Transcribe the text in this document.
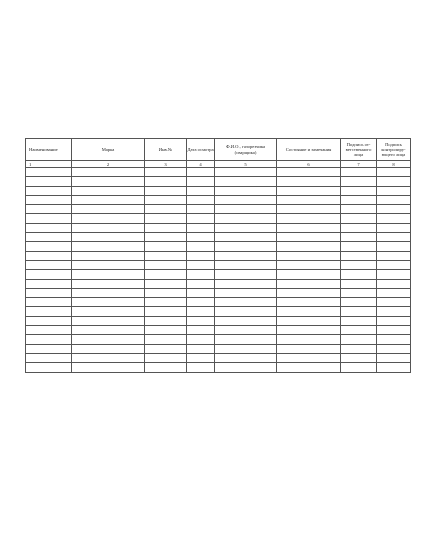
Наименование	Марка	Инв.№	Дата осмотра	Ф.И.О., газорезчика (сварщика)	Состояние и замечания	Подпись от-ветственного лица	Подпись контролиру-ющего лица
1	2	3	4	5	6	7	8
